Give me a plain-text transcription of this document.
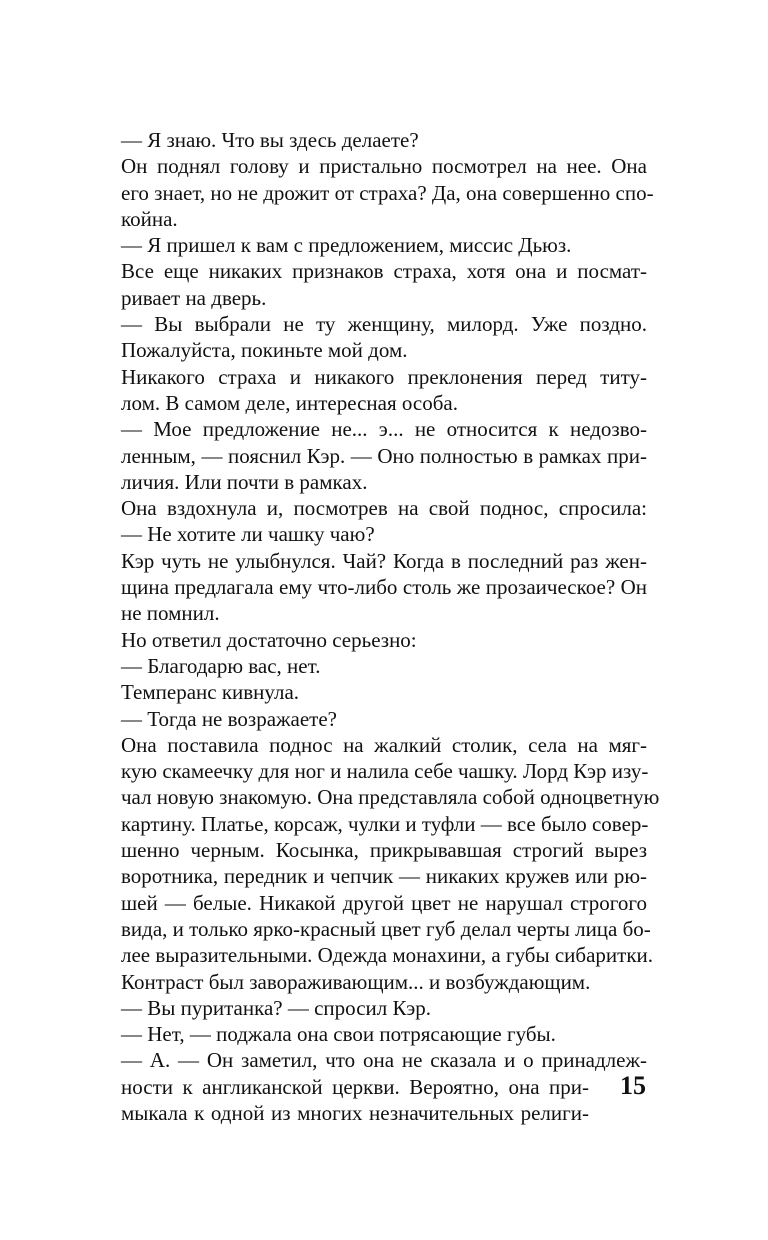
— Я знаю. Что вы здесь делаете?
Он поднял голову и пристально посмотрел на нее. Она
его знает, но не дрожит от страха? Да, она совершенно спо-
койна.
— Я пришел к вам с предложением, миссис Дьюз.
Все еще никаких признаков страха, хотя она и посмат-
ривает на дверь.
— Вы выбрали не ту женщину, милорд. Уже поздно.
Пожалуйста, покиньте мой дом.
Никакого страха и никакого преклонения перед титу-
лом. В самом деле, интересная особа.
— Мое предложение не... э... не относится к недозво-
ленным, — пояснил Кэр. — Оно полностью в рамках при-
личия. Или почти в рамках.
Она вздохнула и, посмотрев на свой поднос, спросила:
— Не хотите ли чашку чаю?
Кэр чуть не улыбнулся. Чай? Когда в последний раз жен-
щина предлагала ему что-либо столь же прозаическое? Он
не помнил.
Но ответил достаточно серьезно:
— Благодарю вас, нет.
Темперанс кивнула.
— Тогда не возражаете?
Она поставила поднос на жалкий столик, села на мяг-
кую скамеечку для ног и налила себе чашку. Лорд Кэр изу-
чал новую знакомую. Она представляла собой одноцветную
картину. Платье, корсаж, чулки и туфли — все было совер-
шенно черным. Косынка, прикрывавшая строгий вырез
воротника, передник и чепчик — никаких кружев или рю-
шей — белые. Никакой другой цвет не нарушал строгого
вида, и только ярко-красный цвет губ делал черты лица бо-
лее выразительными. Одежда монахини, а губы сибаритки.
Контраст был завораживающим... и возбуждающим.
— Вы пуританка? — спросил Кэр.
— Нет, — поджала она свои потрясающие губы.
— А. — Он заметил, что она не сказала и о принадлеж-
ности к англиканской церкви. Вероятно, она при-
мыкала к одной из многих незначительных религи-
15
